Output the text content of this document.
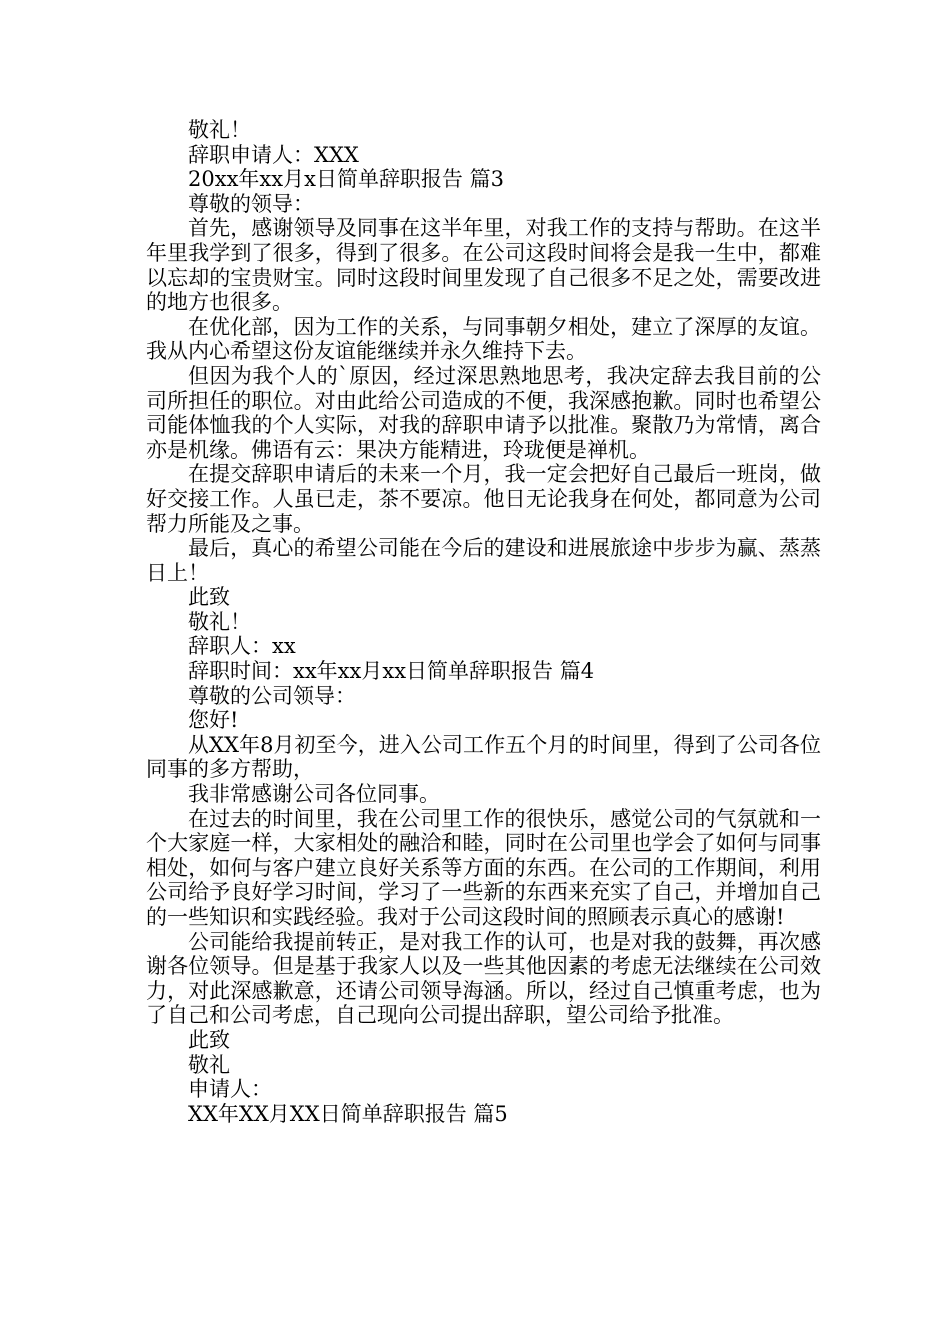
敬礼！

辞职申请人：XXX

20xx年xx月x日简单辞职报告 篇3

尊敬的领导：

首先，感谢领导及同事在这半年里，对我工作的支持与帮助。在这半年里我学到了很多，得到了很多。在公司这段时间将会是我一生中，都难以忘却的宝贵财宝。同时这段时间里发现了自己很多不足之处，需要改进的地方也很多。

在优化部，因为工作的关系，与同事朝夕相处，建立了深厚的友谊。我从内心希望这份友谊能继续并永久维持下去。

但因为我个人的`原因，经过深思熟地思考，我决定辞去我目前的公司所担任的职位。对由此给公司造成的不便，我深感抱歉。同时也希望公司能体恤我的个人实际，对我的辞职申请予以批准。聚散乃为常情，离合亦是机缘。佛语有云：果决方能精进，玲珑便是禅机。

在提交辞职申请后的未来一个月，我一定会把好自己最后一班岗，做好交接工作。人虽已走，茶不要凉。他日无论我身在何处，都同意为公司帮力所能及之事。

最后，真心的希望公司能在今后的建设和进展旅途中步步为赢、蒸蒸日上！

此致

敬礼！

辞职人：xx

辞职时间：xx年xx月xx日简单辞职报告 篇4

尊敬的公司领导：

您好!

从XX年8月初至今，进入公司工作五个月的时间里，得到了公司各位同事的多方帮助，

我非常感谢公司各位同事。

在过去的时间里，我在公司里工作的很快乐，感觉公司的气氛就和一个大家庭一样，大家相处的融洽和睦，同时在公司里也学会了如何与同事相处，如何与客户建立良好关系等方面的东西。在公司的工作期间，利用公司给予良好学习时间，学习了一些新的东西来充实了自己，并增加自己的一些知识和实践经验。我对于公司这段时间的照顾表示真心的感谢!

公司能给我提前转正，是对我工作的认可，也是对我的鼓舞，再次感谢各位领导。但是基于我家人以及一些其他因素的考虑无法继续在公司效力，对此深感歉意，还请公司领导海涵。所以，经过自己慎重考虑，也为了自己和公司考虑，自己现向公司提出辞职，望公司给予批准。

此致

敬礼

申请人：

XX年XX月XX日简单辞职报告 篇5
